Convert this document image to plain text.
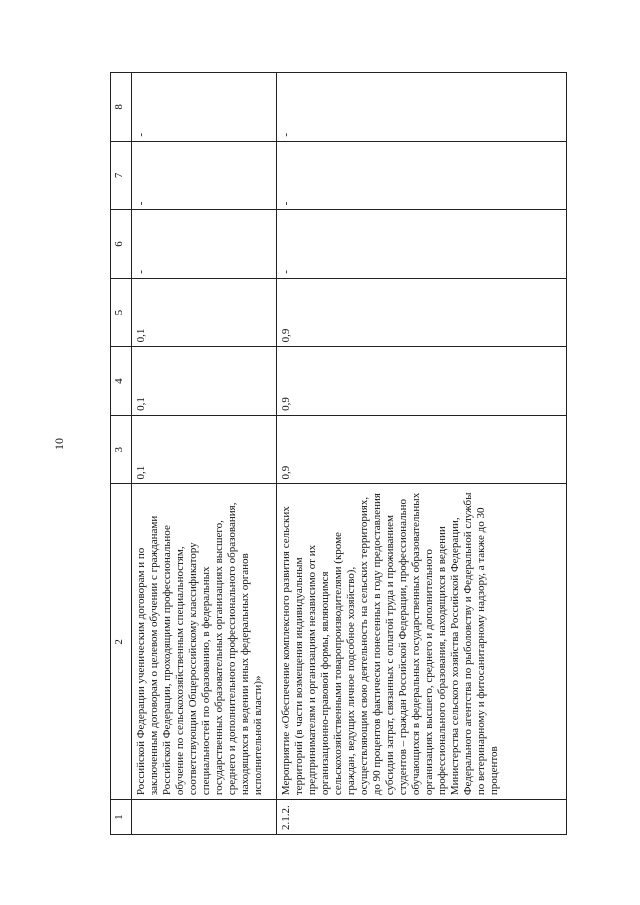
10
1	2	3	4	5	6	7	8
	Российской Федерации ученическим договорам и по заключенным договорам о целевом обучении с гражданами Российской Федерации, проходящими профессиональное обучение по сельскохозяйственным специальностям, соответствующим Общероссийскому классификатору специальностей по образованию, в федеральных государственных образовательных организациях высшего, среднего и дополнительного профессионального образования, находящихся в ведении иных федеральных органов исполнительной власти)»	0,1	0,1	0,1	-	-	-
2.1.2.	Мероприятие «Обеспечение комплексного развития сельских территорий (в части возмещения индивидуальным предпринимателям и организациям независимо от их организационно-правовой формы, являющимся сельскохозяйственными товаропроизводителями (кроме граждан, ведущих личное подсобное хозяйство), осуществляющим свою деятельность на сельских территориях, до 90 процентов фактически понесенных в году предоставления субсидии затрат, связанных с оплатой труда и проживанием студентов – граждан Российской Федерации, профессионально обучающихся в федеральных государственных образовательных организациях высшего, среднего и дополнительного профессионального образования, находящихся в ведении Министерства сельского хозяйства Российской Федерации, Федерального агентства по рыболовству и Федеральной службы по ветеринарному и фитосанитарному надзору, а также до 30 процентов	0,9	0,9	0,9	-	-	-
